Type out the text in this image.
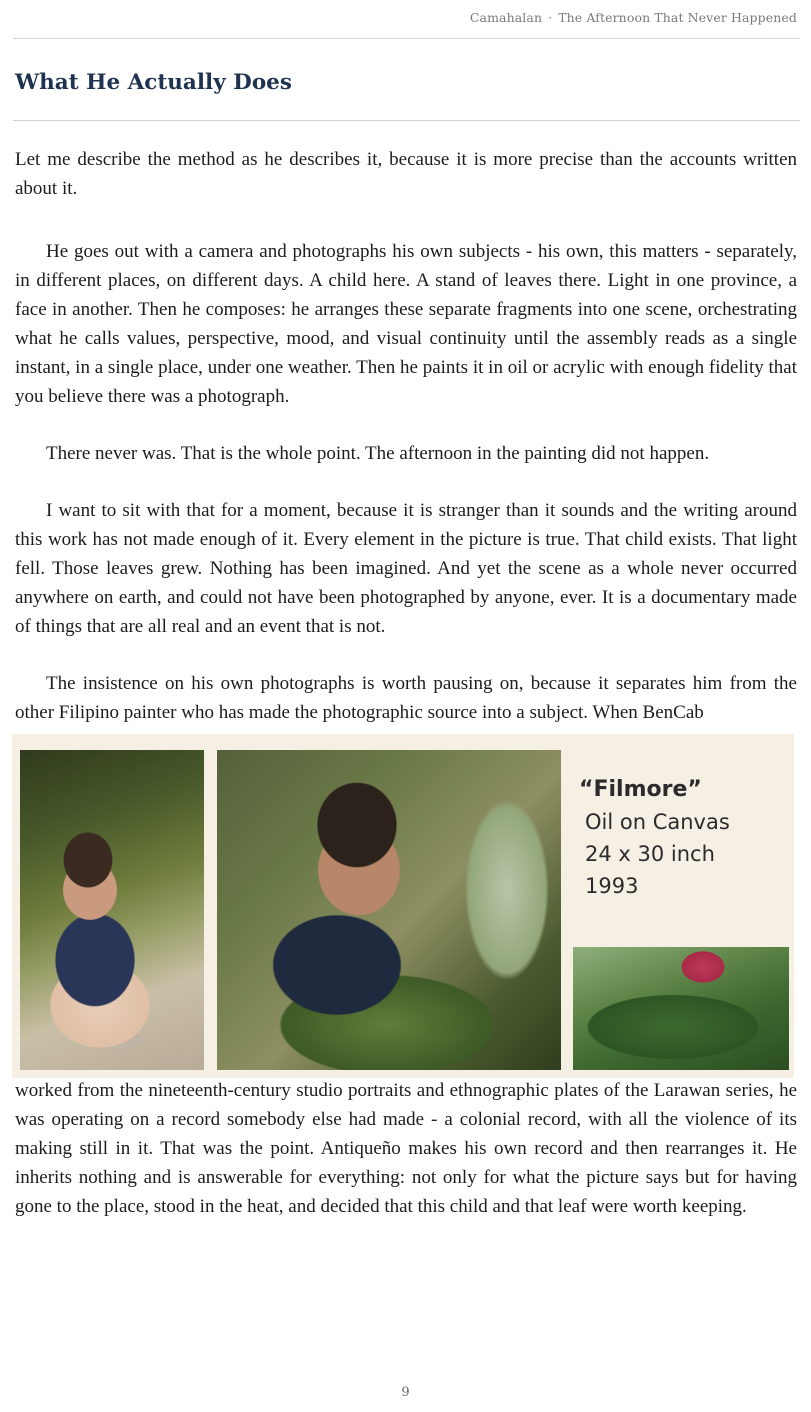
Camahalan · The Afternoon That Never Happened
What He Actually Does

Let me describe the method as he describes it, because it is more precise than the accounts written about it.

He goes out with a camera and photographs his own subjects - his own, this matters - separately, in different places, on different days. A child here. A stand of leaves there. Light in one province, a face in another. Then he composes: he arranges these separate fragments into one scene, orchestrating what he calls values, perspective, mood, and visual continuity until the assembly reads as a single instant, in a single place, under one weather. Then he paints it in oil or acrylic with enough fidelity that you believe there was a photograph.

There never was. That is the whole point. The afternoon in the painting did not happen.

I want to sit with that for a moment, because it is stranger than it sounds and the writing around this work has not made enough of it. Every element in the picture is true. That child exists. That light fell. Those leaves grew. Nothing has been imagined. And yet the scene as a whole never occurred anywhere on earth, and could not have been photographed by anyone, ever. It is a documentary made of things that are all real and an event that is not.

The insistence on his own photographs is worth pausing on, because it separates him from the other Filipino painter who has made the photographic source into a subject. When BenCab

“Filmore”

Oil on Canvas

24 x 30 inch

1993

worked from the nineteenth-century studio portraits and ethnographic plates of the Larawan series, he was operating on a record somebody else had made - a colonial record, with all the violence of its making still in it. That was the point. Antiqueño makes his own record and then rearranges it. He inherits nothing and is answerable for everything: not only for what the picture says but for having gone to the place, stood in the heat, and decided that this child and that leaf were worth keeping.

9
